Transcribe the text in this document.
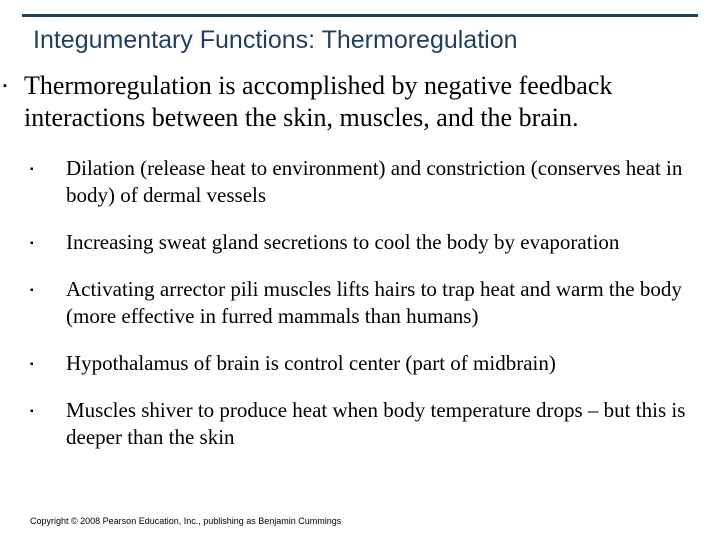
Integumentary Functions: Thermoregulation
▪ Thermoregulation is accomplished by negative feedback interactions between the skin, muscles, and the brain.
▪ Dilation (release heat to environment) and constriction (conserves heat in body) of dermal vessels
▪ Increasing sweat gland secretions to cool the body by evaporation
▪ Activating arrector pili muscles lifts hairs to trap heat and warm the body (more effective in furred mammals than humans)
▪ Hypothalamus of brain is control center (part of midbrain)
▪ Muscles shiver to produce heat when body temperature drops – but this is deeper than the skin
Copyright © 2008 Pearson Education, Inc., publishing as Benjamin Cummings
